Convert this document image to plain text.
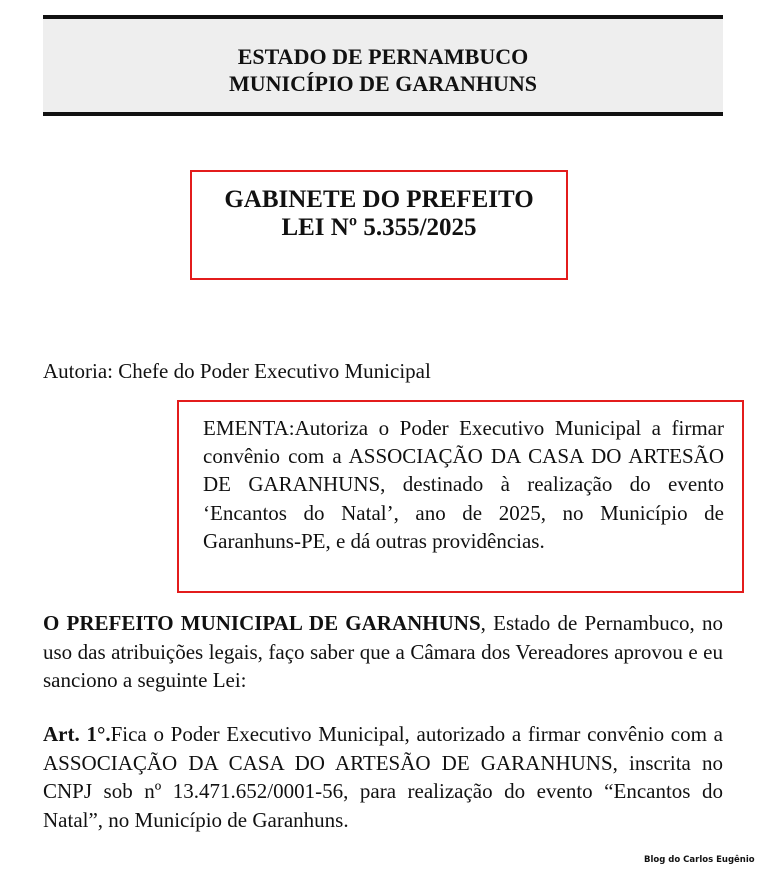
ESTADO DE PERNAMBUCO
MUNICÍPIO DE GARANHUNS
GABINETE DO PREFEITO
LEI Nº 5.355/2025
Autoria: Chefe do Poder Executivo Municipal
EMENTA:Autoriza o Poder Executivo Municipal a firmar convênio com a ASSOCIAÇÃO DA CASA DO ARTESÃO DE GARANHUNS, destinado à realização do evento ‘Encantos do Natal’, ano de 2025, no Município de Garanhuns-PE, e dá outras providências.
O PREFEITO MUNICIPAL DE GARANHUNS, Estado de Pernambuco, no uso das atribuições legais, faço saber que a Câmara dos Vereadores aprovou e eu sanciono a seguinte Lei:
Art. 1°.Fica o Poder Executivo Municipal, autorizado a firmar convênio com a ASSOCIAÇÃO DA CASA DO ARTESÃO DE GARANHUNS, inscrita no CNPJ sob nº 13.471.652/0001-56, para realização do evento “Encantos do Natal”, no Município de Garanhuns.
Blog do Carlos Eugênio
